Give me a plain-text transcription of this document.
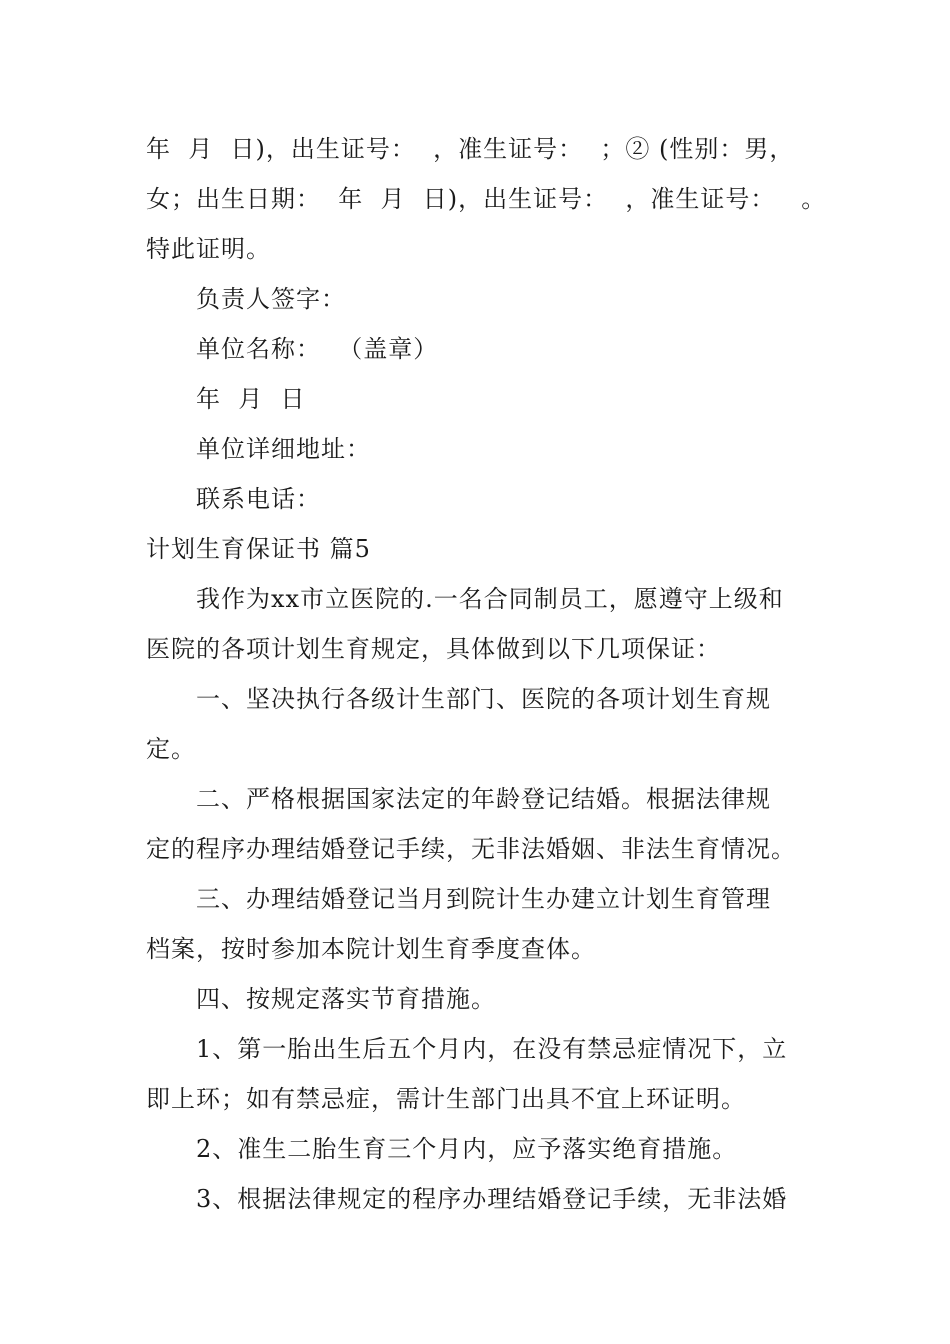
年  月  日)，出生证号：  ，准生证号：  ；② (性别：男，
女；出生日期：  年  月  日)，出生证号：  ，准生证号：   。
特此证明。
负责人签字：
单位名称：  （盖章）
年  月  日
单位详细地址：
联系电话：
计划生育保证书 篇5
我作为xx市立医院的.一名合同制员工，愿遵守上级和
医院的各项计划生育规定，具体做到以下几项保证：
一、坚决执行各级计生部门、医院的各项计划生育规
定。
二、严格根据国家法定的年龄登记结婚。根据法律规
定的程序办理结婚登记手续，无非法婚姻、非法生育情况。
三、办理结婚登记当月到院计生办建立计划生育管理
档案，按时参加本院计划生育季度查体。
四、按规定落实节育措施。
1、第一胎出生后五个月内，在没有禁忌症情况下，立
即上环；如有禁忌症，需计生部门出具不宜上环证明。
2、准生二胎生育三个月内，应予落实绝育措施。
3、根据法律规定的程序办理结婚登记手续，无非法婚
